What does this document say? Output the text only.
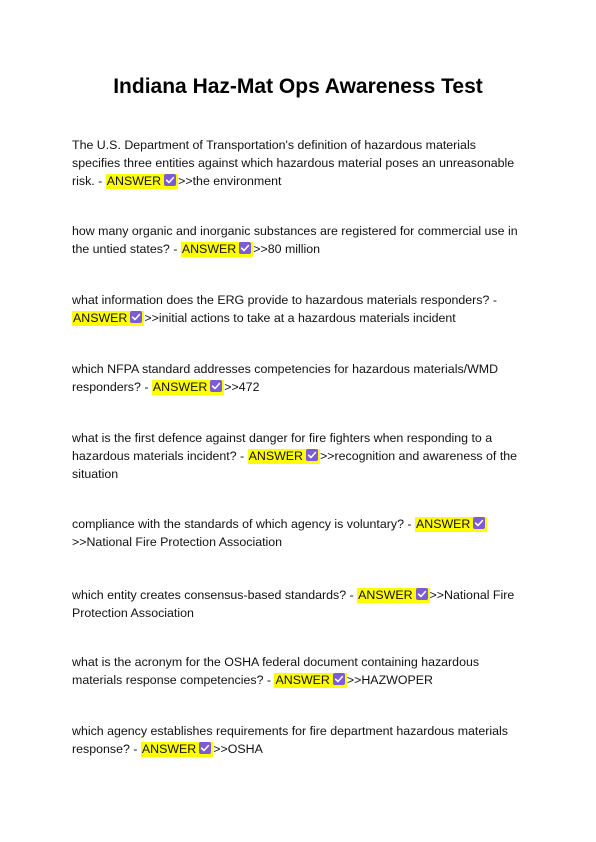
Indiana Haz-Mat Ops Awareness Test

The U.S. Department of Transportation's definition of hazardous materials specifies three entities against which hazardous material poses an unreasonable risk. - ANSWER >>the environment

how many organic and inorganic substances are registered for commercial use in the untied states? - ANSWER >>80 million

what information does the ERG provide to hazardous materials responders? - ANSWER >>initial actions to take at a hazardous materials incident

which NFPA standard addresses competencies for hazardous materials/WMD responders? - ANSWER >>472

what is the first defence against danger for fire fighters when responding to a hazardous materials incident? - ANSWER >>recognition and awareness of the situation

compliance with the standards of which agency is voluntary? - ANSWER
>>National Fire Protection Association

which entity creates consensus-based standards? - ANSWER >>National Fire Protection Association

what is the acronym for the OSHA federal document containing hazardous materials response competencies? - ANSWER >>HAZWOPER

which agency establishes requirements for fire department hazardous materials response? - ANSWER >>OSHA
